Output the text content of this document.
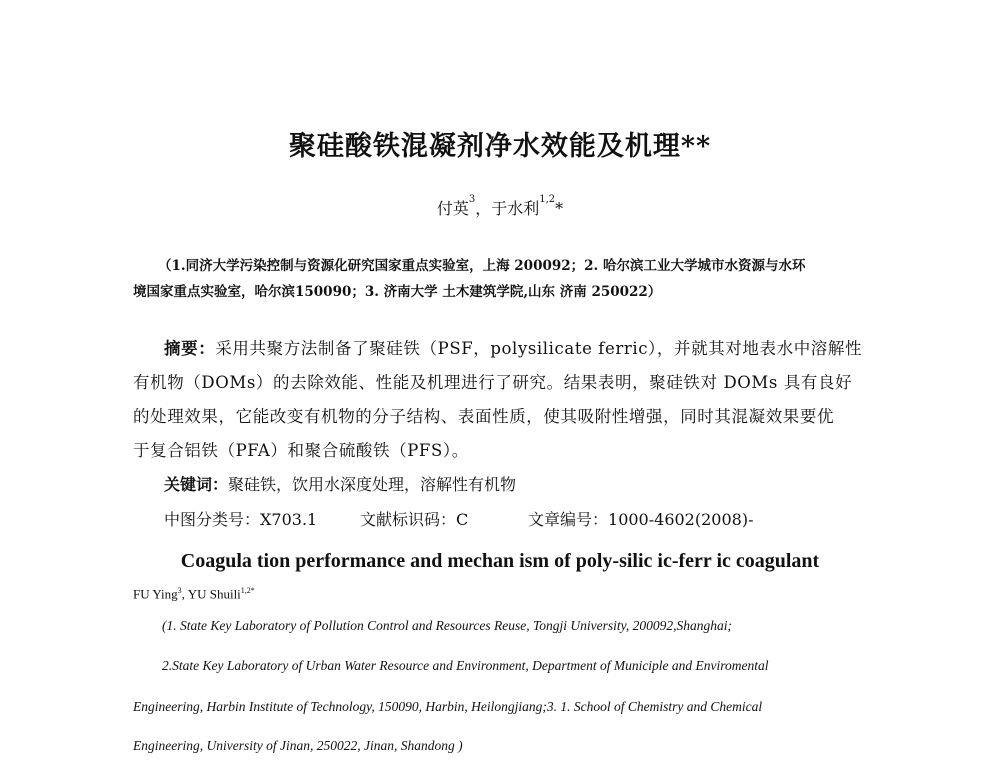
聚硅酸铁混凝剂净水效能及机理**
付英$^3$，于水利$^{1,2}$*
（1.同济大学污染控制与资源化研究国家重点实验室，上海 200092；2. 哈尔滨工业大学城市水资源与水环
境国家重点实验室，哈尔滨150090；3. 济南大学 土木建筑学院,山东 济南 250022）
摘要：采用共聚方法制备了聚硅铁（PSF，polysilicate ferric），并就其对地表水中溶解性
有机物（DOMs）的去除效能、性能及机理进行了研究。结果表明，聚硅铁对 DOMs 具有良好
的处理效果，它能改变有机物的分子结构、表面性质，使其吸附性增强，同时其混凝效果要优
于复合铝铁（PFA）和聚合硫酸铁（PFS）。
关键词：聚硅铁，饮用水深度处理，溶解性有机物
中图分类号：X703.1	文献标识码：C	文章编号：1000-4602(2008)-
Coagula tion performance and mechan ism of poly-silic ic-ferr ic coagulant
FU Ying$^3$, YU Shuili$^{1,2*}$
(1. State Key Laboratory of Pollution Control and Resources Reuse, Tongji University, 200092,Shanghai;
2.State Key Laboratory of Urban Water Resource and Environment, Department of Municiple and Enviromental
Engineering, Harbin Institute of Technology, 150090, Harbin, Heilongjiang;3. 1. School of Chemistry and Chemical
Engineering, University of Jinan, 250022, Jinan, Shandong )
